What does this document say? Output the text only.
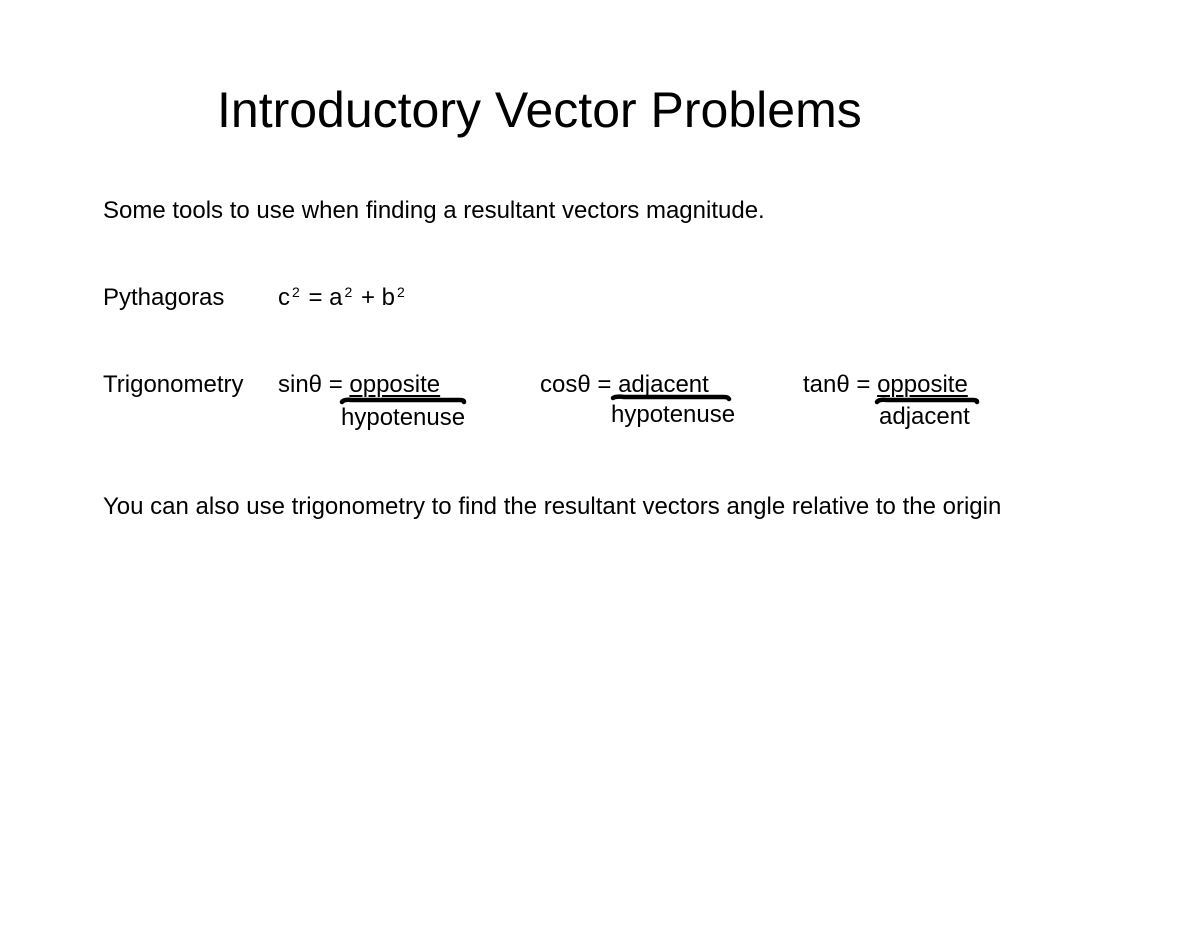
Introductory Vector Problems
Some tools to use when finding a resultant vectors magnitude.
Pythagoras c $^2$ = a $^2$ + b $^2$
Trigonometry sinθ = opposite
hypotenuse
cosθ = adjacent
hypotenuse
tanθ = opposite
adjacent
You can also use trigonometry to find the resultant vectors angle relative to the origin
